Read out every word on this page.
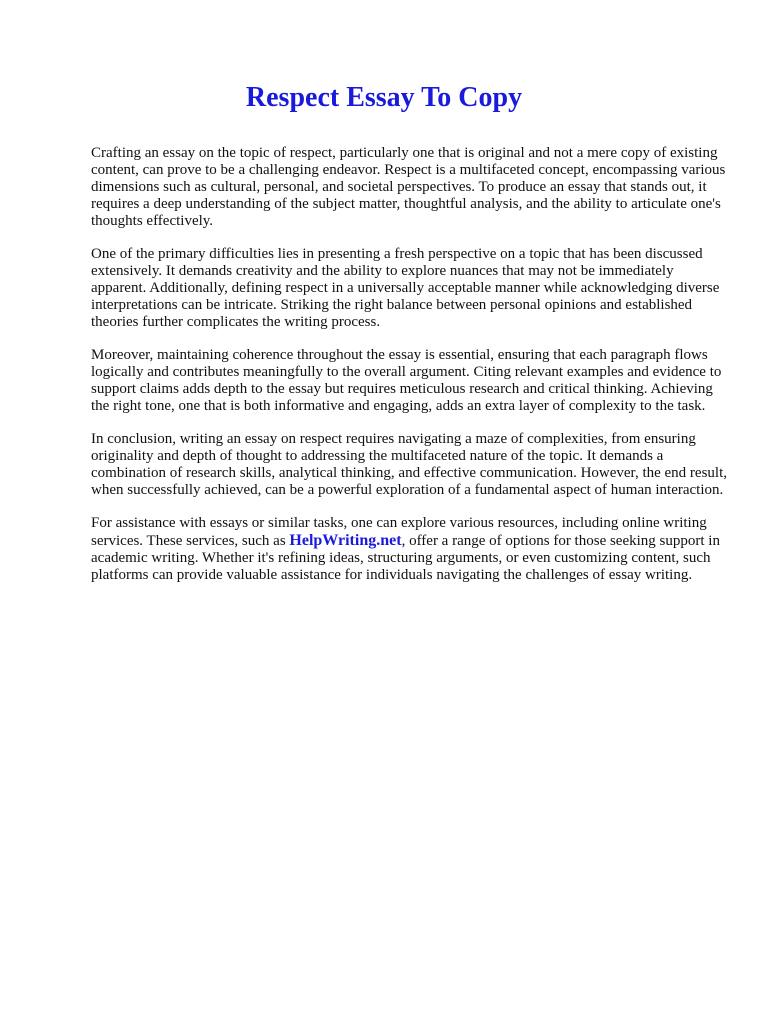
Respect Essay To Copy

Crafting an essay on the topic of respect, particularly one that is original and not a mere copy of existing content, can prove to be a challenging endeavor. Respect is a multifaceted concept, encompassing various dimensions such as cultural, personal, and societal perspectives. To produce an essay that stands out, it requires a deep understanding of the subject matter, thoughtful analysis, and the ability to articulate one's thoughts effectively.

One of the primary difficulties lies in presenting a fresh perspective on a topic that has been discussed extensively. It demands creativity and the ability to explore nuances that may not be immediately apparent. Additionally, defining respect in a universally acceptable manner while acknowledging diverse interpretations can be intricate. Striking the right balance between personal opinions and established theories further complicates the writing process.

Moreover, maintaining coherence throughout the essay is essential, ensuring that each paragraph flows logically and contributes meaningfully to the overall argument. Citing relevant examples and evidence to support claims adds depth to the essay but requires meticulous research and critical thinking. Achieving the right tone, one that is both informative and engaging, adds an extra layer of complexity to the task.

In conclusion, writing an essay on respect requires navigating a maze of complexities, from ensuring originality and depth of thought to addressing the multifaceted nature of the topic. It demands a combination of research skills, analytical thinking, and effective communication. However, the end result, when successfully achieved, can be a powerful exploration of a fundamental aspect of human interaction.

For assistance with essays or similar tasks, one can explore various resources, including online writing services. These services, such as HelpWriting.net, offer a range of options for those seeking support in academic writing. Whether it's refining ideas, structuring arguments, or even customizing content, such platforms can provide valuable assistance for individuals navigating the challenges of essay writing.
